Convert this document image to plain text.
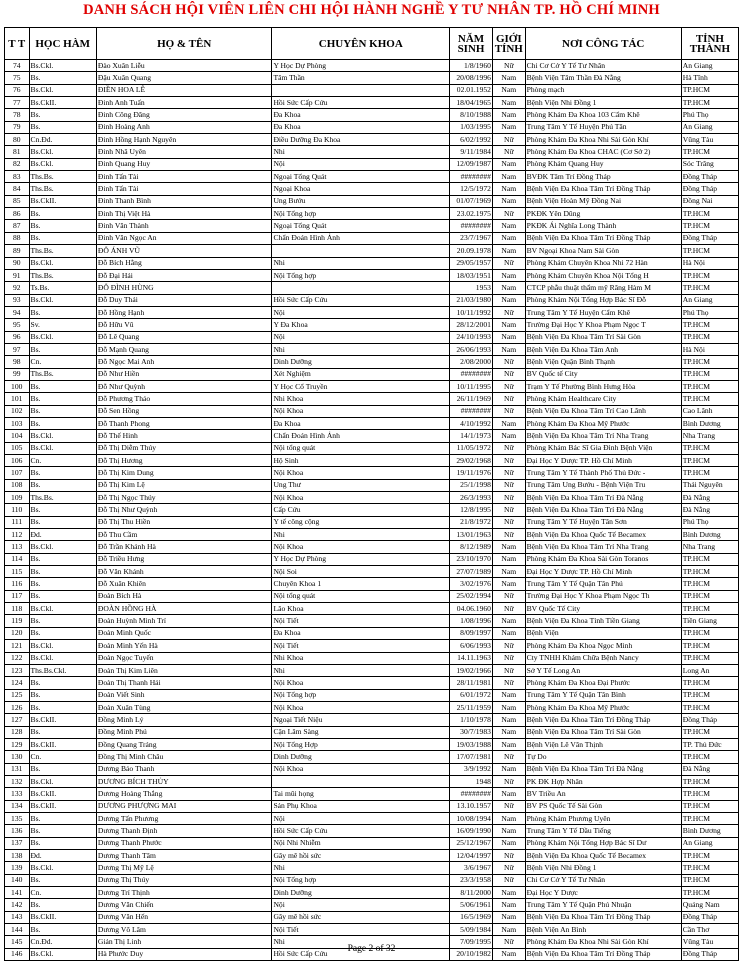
DANH SÁCH HỘI VIÊN LIÊN CHI HỘI HÀNH NGHỀ Y TƯ NHÂN TP. HỒ CHÍ MINH
T T	HỌC HÀM	HỌ & TÊN	CHUYÊN KHOA	NĂM SINH	GIỚI TÍNH	NƠI CÔNG TÁC	TỈNH THÀNH
74	Bs.Ckl.	Đào Xuân Liễu	Y Học Dự Phòng	1/8/1960	Nữ	Chi Cơ Cở Y Tế Tư Nhân	An Giang
75	Bs.	Đậu Xuân Quang	Tâm Thần	20/08/1996	Nam	Bệnh Viện Tâm Thần Đà Nẵng	Hà Tĩnh
76	Bs.Ckl.	ĐIỀN HOA LÊ		02.01.1952	Nam	Phòng mạch	TP.HCM
77	Bs.CkII.	Đinh Anh Tuấn	Hồi Sức Cấp Cứu	18/04/1965	Nam	Bệnh Viện Nhi Đồng 1	TP.HCM
78	Bs.	Đinh Công Đăng	Đa Khoa	8/10/1988	Nam	Phòng Khám Đa Khoa 103 Cẩm Khê	Phú Thọ
79	Bs.	Đinh Hoàng Anh	Đa Khoa	1/03/1995	Nam	Trung Tâm Y Tế Huyện Phú Tân	An Giang
80	Cn.Đd.	Đinh Hồng Hạnh Nguyên	Điều Dưỡng Đa Khoa	6/02/1992	Nữ	Phòng Khám Đa Khoa Nhi Sài Gòn Khí	Vũng Tàu
81	Bs.Ckl.	Đinh Nhã Uyên	Nhi	9/11/1984	Nữ	Phòng Khám Đa Khoa CHAC (Cơ Sở 2)	TP.HCM
82	Bs.Ckl.	Đinh Quang Huy	Nội	12/09/1987	Nam	Phòng Khám Quang Huy	Sóc Trăng
83	Ths.Bs.	Đinh Tấn Tài	Ngoại Tổng Quát	########	Nam	BVĐK Tâm Trí Đồng Tháp	Đồng Tháp
84	Ths.Bs.	Đinh Tấn Tài	Ngoại Khoa	12/5/1972	Nam	Bệnh Viện Đa Khoa Tâm Trí Đồng Tháp	Đồng Tháp
85	Bs.CkII.	Đinh Thanh Bình	Ung Bướu	01/07/1969	Nam	Bệnh Viện Hoàn Mỹ Đồng Nai	Đồng Nai
86	Bs.	Đinh Thị Việt Hà	Nội Tổng hợp	23.02.1975	Nữ	PKĐK Yên Dũng	TP.HCM
87	Bs.	Đinh Văn Thành	Ngoại Tổng Quát	########	Nam	PKĐK Ái Nghĩa Long Thành	TP.HCM
88	Bs.	Đinh Văn Ngọc An	Chẩn Đoán Hình Ảnh	23/7/1967	Nam	Bệnh Viện Đa Khoa Tâm Trí Đồng Tháp	Đồng Tháp
89	Ths.Bs.	ĐỖ ÁNH VŨ		20.09.1978	Nam	BV Ngoại Khoa Nam Sài Gòn	TP.HCM
90	Bs.Ckl.	Đỗ Bích Hằng	Nhi	29/05/1957	Nữ	Phòng Khám Chuyên Khoa Nhi 72 Hàn	Hà Nội
91	Ths.Bs.	Đỗ Đại Hải	Nội Tổng hợp	18/03/1951	Nam	Phòng Khám Chuyên Khoa Nội Tổng H	TP.HCM
92	Ts.Bs.	ĐỖ ĐÌNH HÙNG		1953	Nam	CTCP phẫu thuật thẩm mỹ Răng Hàm M	TP.HCM
93	Bs.Ckl.	Đỗ Duy Thái	Hồi Sức Cấp Cứu	21/03/1980	Nam	Phòng Khám Nội Tổng Hợp Bác Sĩ Đỗ	An Giang
94	Bs.	Đỗ Hồng Hạnh	Nội	10/11/1992	Nữ	Trung Tâm Y Tế Huyện Cẩm Khê	Phú Thọ
95	Sv.	Đỗ Hữu Vũ	Y Đa Khoa	28/12/2001	Nam	Trường Đại Học Y Khoa Phạm Ngọc T	TP.HCM
96	Bs.Ckl.	Đỗ Lê Quang	Nội	24/10/1993	Nam	Bệnh Viện Đa Khoa Tâm Trí Sài Gòn	TP.HCM
97	Bs.	Đỗ Mạnh Quang	Nhi	26/06/1993	Nam	Bệnh Viện Đa Khoa Tâm Anh	Hà Nội
98	Cn.	Đỗ Ngọc Mai Anh	Dinh Dưỡng	2/08/2000	Nữ	Bệnh Viện Quận Bình Thạnh	TP.HCM
99	Ths.Bs.	Đỗ Như Hiền	Xét Nghiệm	########	Nữ	BV Quốc tế City	TP.HCM
100	Bs.	Đỗ Như Quỳnh	Y Học Cổ Truyền	10/11/1995	Nữ	Trạm Y Tế Phường Bình Hưng Hòa	TP.HCM
101	Bs.	Đỗ Phương Thảo	Nhi Khoa	26/11/1969	Nữ	Phòng Khám Healthcare City	TP.HCM
102	Bs.	Đỗ Sen Hồng	Nội Khoa	########	Nữ	Bệnh Viện Đa Khoa Tâm Trí Cao Lãnh	Cao Lãnh
103	Bs.	Đỗ Thanh Phong	Đa Khoa	4/10/1992	Nam	Phòng Khám Đa Khoa Mỹ Phước	Bình Dương
104	Bs.Ckl.	Đỗ Thế Hinh	Chẩn Đoán Hình Ảnh	14/1/1973	Nam	Bệnh Viện Đa Khoa Tâm Trí Nha Trang	Nha Trang
105	Bs.Ckl.	Đỗ Thị Diễm Thúy	Nội tổng quát	11/05/1972	Nữ	Phòng Khám Bác Sĩ Gia Đình Bệnh Viện	TP.HCM
106	Cn.	Đỗ Thị Hương	Hộ Sinh	29/02/1968	Nữ	Đại Học Y Dược TP. Hồ Chí Minh	TP.HCM
107	Bs.	Đỗ Thị Kim Dung	Nội Khoa	19/11/1976	Nữ	Trung Tâm Y Tế Thành Phố Thủ Đức -	TP.HCM
108	Bs.	Đỗ Thị Kim Lệ	Ung Thư	25/1/1998	Nữ	Trung Tâm Ung Bướu - Bệnh Viện Tru	Thái Nguyên
109	Ths.Bs.	Đỗ Thị Ngọc Thúy	Nội Khoa	26/3/1993	Nữ	Bệnh Viện Đa Khoa Tâm Trí Đà Nẵng	Đà Nẵng
110	Bs.	Đỗ Thị Như Quỳnh	Cấp Cứu	12/8/1995	Nữ	Bệnh Viện Đa Khoa Tâm Trí Đà Nẵng	Đà Nẵng
111	Bs.	Đỗ Thị Thu Hiền	Y tế công cộng	21/8/1972	Nữ	Trung Tâm Y Tế Huyện Tân Sơn	Phú Thọ
112	Đd.	Đỗ Thu Cầm	Nhi	13/01/1963	Nữ	Bệnh Viện Đa Khoa Quốc Tế Becamex	Bình Dương
113	Bs.Ckl.	Đỗ Trần Khánh Hà	Nội Khoa	8/12/1989	Nam	Bệnh Viện Đa Khoa Tâm Trí Nha Trang	Nha Trang
114	Bs.	Đỗ Triều Hưng	Y Học Dự Phòng	23/10/1970	Nam	Phòng Khám Đa Khoa Sài Gòn Toranos	TP.HCM
115	Bs.	Đỗ Văn Khánh	Nội Soi	27/07/1989	Nam	Đại Học Y Dược TP. Hồ Chí Minh	TP.HCM
116	Bs.	Đỗ Xuân Khiên	Chuyên Khoa 1	3/02/1976	Nam	Trung Tâm Y Tế Quận Tân Phú	TP.HCM
117	Bs.	Đoàn Bích Hà	Nội tổng quát	25/02/1994	Nữ	Trường Đại Học Y Khoa Phạm Ngọc Th	TP.HCM
118	Bs.Ckl.	ĐOÀN HỒNG HÀ	Lão Khoa	04.06.1960	Nữ	BV Quốc Tế City	TP.HCM
119	Bs.	Đoàn Huỳnh Minh Trí	Nội Tiết	1/08/1996	Nam	Bệnh Viện Đa Khoa Tỉnh Tiền Giang	Tiền Giang
120	Bs.	Đoàn Minh Quốc	Đa Khoa	8/09/1997	Nam	Bệnh Viện	TP.HCM
121	Bs.Ckl.	Đoàn Minh Yến Hà	Nội Tiết	6/06/1993	Nữ	Phòng Khám Đa Khoa Ngọc Minh	TP.HCM
122	Bs.Ckl.	Đoàn Ngọc Tuyến	Nhi Khoa	14.11.1963	Nữ	Cty TNHH Khám Chữa Bệnh Nancy	TP.HCM
123	Ths.Bs.Ckl.	Đoàn Thị Kim Liên	Nhi	19/02/1966	Nữ	Sở Y Tế Long An	Long An
124	Bs.	Đoàn Thị Thanh Hải	Nội Khoa	28/11/1981	Nữ	Phòng Khám Đa Khoa Đại Phước	TP.HCM
125	Bs.	Đoàn Viết Sinh	Nội Tổng hợp	6/01/1972	Nam	Trung Tâm Y Tế Quận Tân Bình	TP.HCM
126	Bs.	Đoàn Xuân Tùng	Nội Khoa	25/11/1959	Nam	Phòng Khám Đa Khoa Mỹ Phước	TP.HCM
127	Bs.CkII.	Đồng Minh Lý	Ngoại Tiết Niệu	1/10/1978	Nam	Bệnh Viện Đa Khoa Tâm Trí Đồng Tháp	Đồng Tháp
128	Bs.	Đồng Minh Phú	Cận Lâm Sàng	30/7/1983	Nam	Bệnh Viện Đa Khoa Tâm Trí Sài Gòn	TP.HCM
129	Bs.CkII.	Đồng Quang Tráng	Nội Tổng Hợp	19/03/1988	Nam	Bệnh Viện Lê Văn Thịnh	TP. Thủ Đức
130	Cn.	Đồng Thị Minh Châu	Dinh Dưỡng	17/07/1981	Nữ	Tự Do	TP.HCM
131	Bs.	Dương Bảo Thanh	Nội Khoa	3/9/1992	Nam	Bệnh Viện Đa Khoa Tâm Trí Đà Nẵng	Đà Nẵng
132	Bs.Ckl.	DƯƠNG BÍCH THỦY		1948	Nữ	PK ĐK Hợp Nhân	TP.HCM
133	Bs.CkII.	Dương Hoàng Thắng	Tai mũi họng	########	Nam	BV Triều An	TP.HCM
134	Bs.CkII.	DƯƠNG PHƯỢNG MAI	Sản Phụ Khoa	13.10.1957	Nữ	BV PS Quốc Tế Sài Gòn	TP.HCM
135	Bs.	Dương Tấn Phương	Nội	10/08/1994	Nam	Phòng Khám Phương Uyên	TP.HCM
136	Bs.	Dương Thanh Định	Hồi Sức Cấp Cứu	16/09/1990	Nam	Trung Tâm Y Tế Dầu Tiếng	Bình Dương
137	Bs.	Dương Thanh Phước	Nội Nhi Nhiễm	25/12/1967	Nam	Phòng Khám Nội Tổng Hợp Bác Sĩ Dư	An Giang
138	Đd.	Dương Thanh Tâm	Gây mê hồi sức	12/04/1997	Nữ	Bệnh Viện Đa Khoa Quốc Tế Becamex	TP.HCM
139	Bs.Ckl.	Dương Thị Mỹ Lệ	Nhi	3/6/1967	Nữ	Bệnh Viện Nhi Đồng 1	TP.HCM
140	Bs.	Dương Thị Thúy	Nội Tổng hợp	23/3/1958	Nữ	Chi Cơ Cở Y Tế Tư Nhân	TP.HCM
141	Cn.	Dương Trí Thịnh	Dinh Dưỡng	8/11/2000	Nam	Đại Học Y Dược	TP.HCM
142	Bs.	Dương Văn Chiến	Nội	5/06/1961	Nam	Trung Tâm Y Tế Quận Phú Nhuận	Quảng Nam
143	Bs.CkII.	Dương Văn Hến	Gây mê hồi sức	16/5/1969	Nam	Bệnh Viện Đa Khoa Tâm Trí Đồng Tháp	Đồng Tháp
144	Bs.	Dương Võ Lâm	Nội Tiết	5/09/1984	Nam	Bệnh Viện An Bình	Cần Thơ
145	Cn.Đd.	Giản Thị Linh	Nhi	7/09/1995	Nữ	Phòng Khám Đa Khoa Nhi Sài Gòn Khí	Vũng Tàu
146	Bs.Ckl.	Hà Phước Duy	Hồi Sức Cấp Cứu	20/10/1982	Nam	Bệnh Viện Đa Khoa Tâm Trí Đồng Tháp	Đồng Tháp
Page 2 of 32
